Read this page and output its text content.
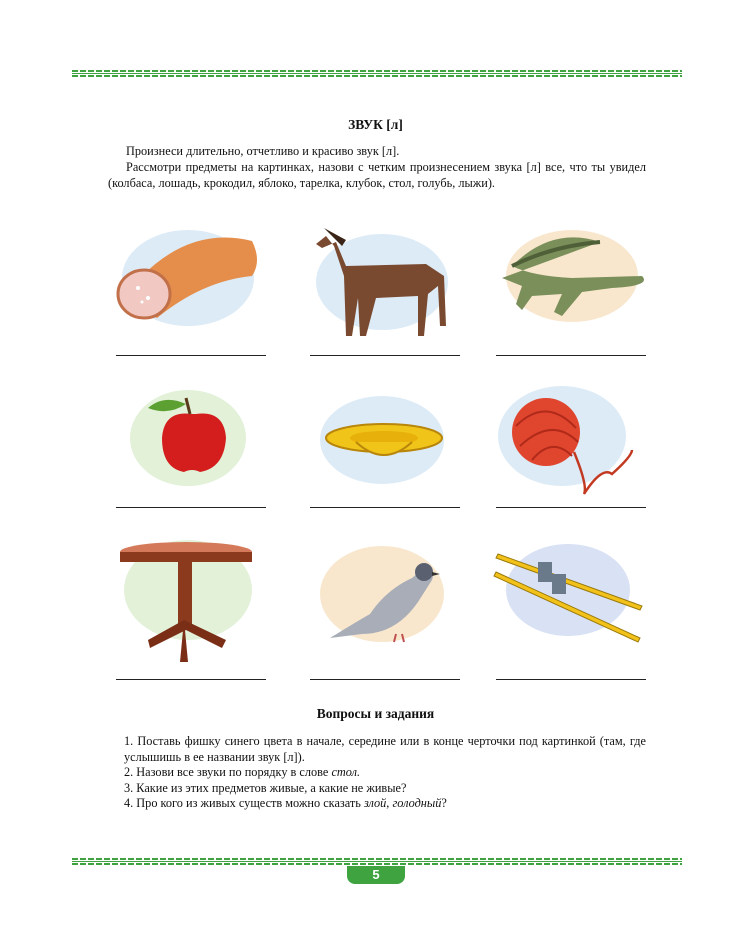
ЗВУК [л]

Произнеси длительно, отчетливо и красиво звук [л].

Рассмотри предметы на картинках, назови с четким произнесением звука [л] все, что ты увидел (колбаса, лошадь, крокодил, яблоко, тарелка, клубок, стол, голубь, лыжи).

Вопросы и задания
1. Поставь фишку синего цвета в начале, середине или в конце черточки под картинкой (там, где услышишь в ее названии звук [л]).
2. Назови все звуки по порядку в слове стол.
3. Какие из этих предметов живые, а какие не живые?
4. Про кого из живых существ можно сказать злой, голодный?
5
